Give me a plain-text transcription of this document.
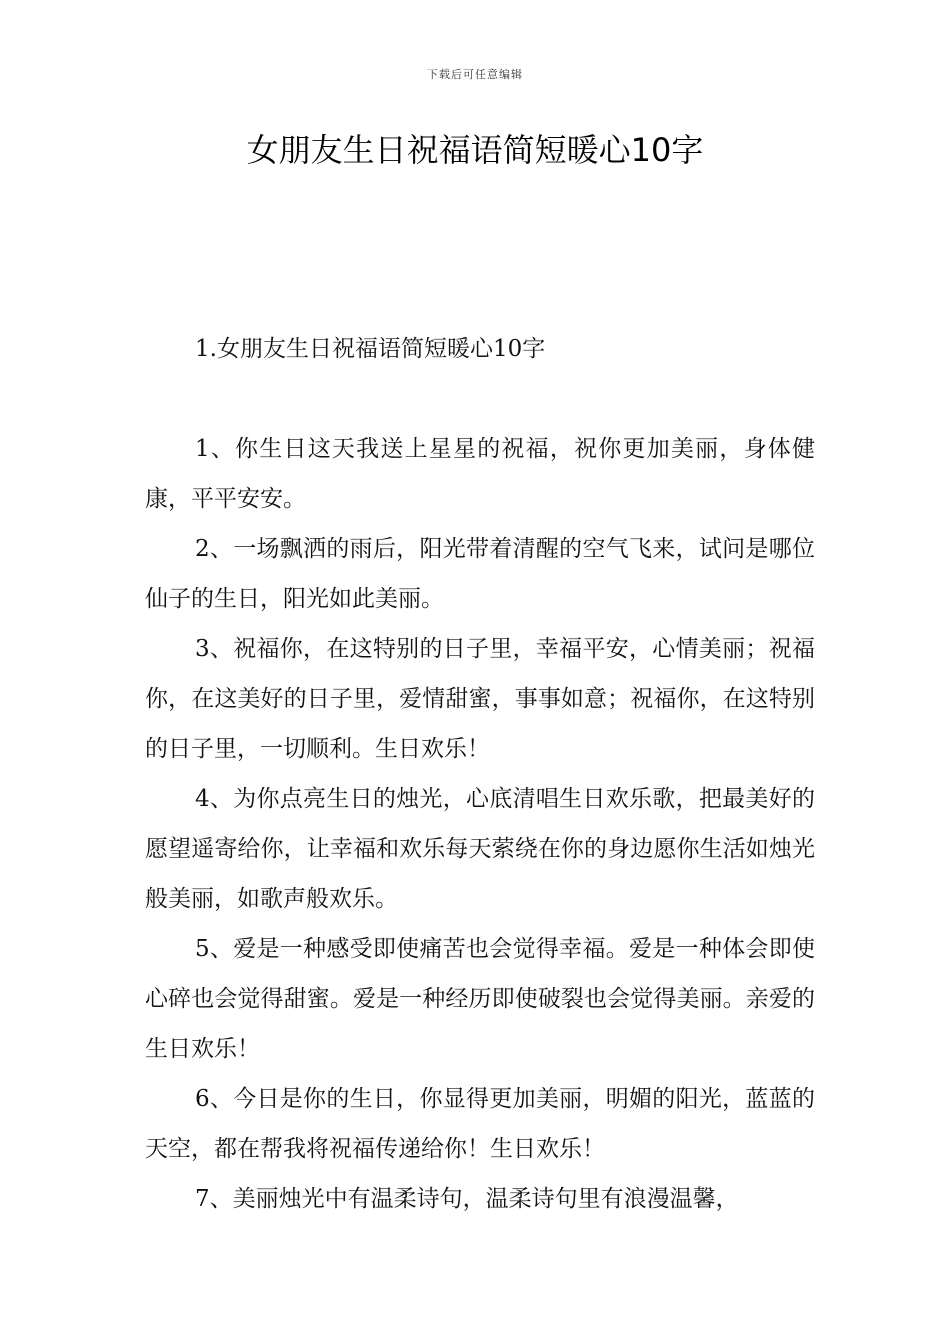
下载后可任意编辑
女朋友生日祝福语简短暖心10字
1.女朋友生日祝福语简短暖心10字

1、你生日这天我送上星星的祝福，祝你更加美丽，身体健康，平平安安。

2、一场飘洒的雨后，阳光带着清醒的空气飞来，试问是哪位仙子的生日，阳光如此美丽。

3、祝福你，在这特别的日子里，幸福平安，心情美丽；祝福你，在这美好的日子里，爱情甜蜜，事事如意；祝福你，在这特别的日子里，一切顺利。生日欢乐！

4、为你点亮生日的烛光，心底清唱生日欢乐歌，把最美好的愿望遥寄给你，让幸福和欢乐每天萦绕在你的身边愿你生活如烛光般美丽，如歌声般欢乐。

5、爱是一种感受即使痛苦也会觉得幸福。爱是一种体会即使心碎也会觉得甜蜜。爱是一种经历即使破裂也会觉得美丽。亲爱的生日欢乐！

6、今日是你的生日，你显得更加美丽，明媚的阳光，蓝蓝的天空，都在帮我将祝福传递给你！生日欢乐！

7、美丽烛光中有温柔诗句，温柔诗句里有浪漫温馨，
